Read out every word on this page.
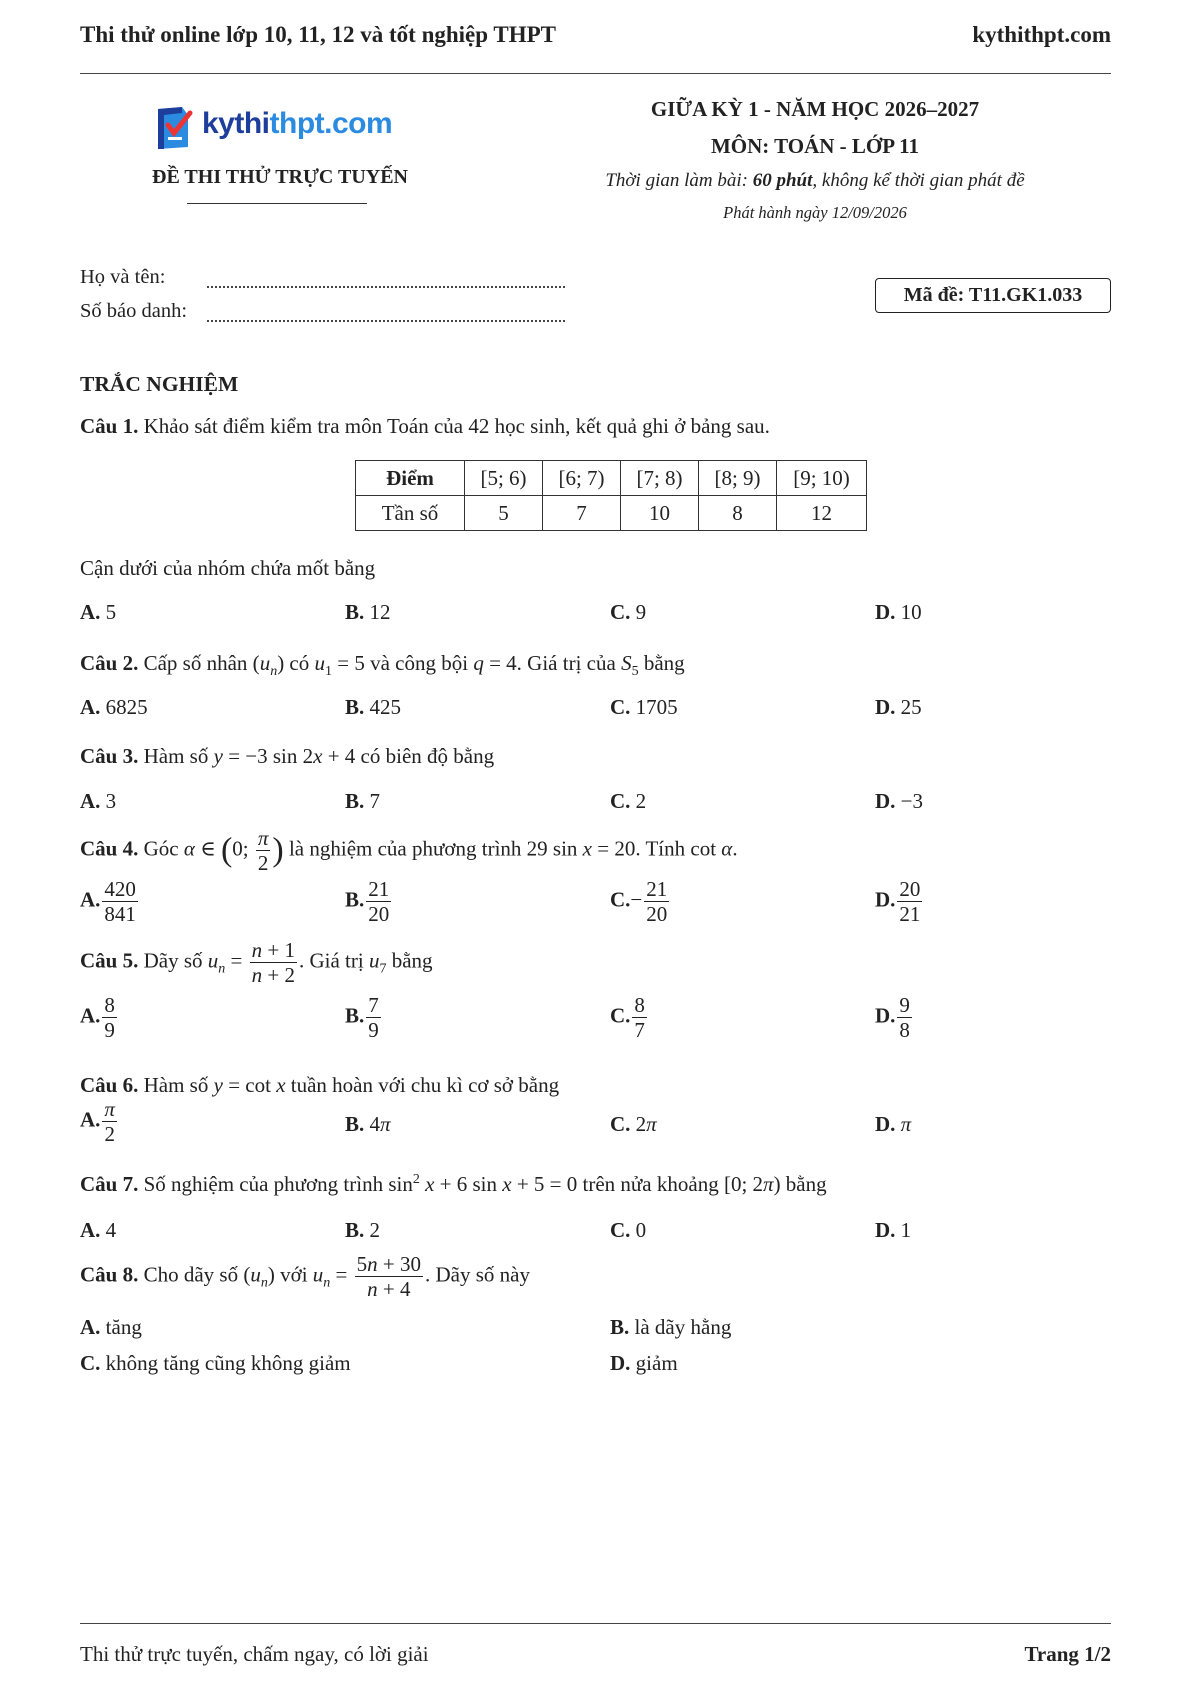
Thi thử online lớp 10, 11, 12 và tốt nghiệp THPT	kythithpt.com
kythithpt.com
ĐỀ THI THỬ TRỰC TUYẾN
GIỮA KỲ 1 - NĂM HỌC 2026–2027
MÔN: TOÁN - LỚP 11
Thời gian làm bài: 60 phút, không kể thời gian phát đề
Phát hành ngày 12/09/2026
Họ và tên:
Số báo danh:
Mã đề: T11.GK1.033
TRẮC NGHIỆM
Câu 1. Khảo sát điểm kiểm tra môn Toán của 42 học sinh, kết quả ghi ở bảng sau.
Điểm	[5; 6)	[6; 7)	[7; 8)	[8; 9)	[9; 10)
Tần số	5	7	10	8	12
Cận dưới của nhóm chứa mốt bằng
A. 5	B. 12	C. 9	D. 10
Câu 2. Cấp số nhân $(u_n)$ có $u_1 = 5$ và công bội q = 4. Giá trị của $S_5$ bằng
A. 6825	B. 425	C. 1705	D. 25
Câu 3. Hàm số y = −3 sin 2x + 4 có biên độ bằng
A. 3	B. 7	C. 2	D. −3
Câu 4. Góc α ∈ (0; $\frac{\pi}{2}$ ) là nghiệm của phương trình 29 sin x = 20. Tính cot α.
A. $\frac{420}{841}$	B. $\frac{21}{20}$	$C.- \frac{21}{20}$	D. $\frac{20}{21}$
Câu 5. Dãy số $u_n = \frac{n + 1}{n + 2}$ . Giá trị $u_7$ bằng
A. $\frac{8}{9}$	B. $\frac{7}{9}$	C. $\frac{8}{7}$	D. $\frac{9}{8}$
Câu 6. Hàm số y = cot x tuần hoàn với chu kì cơ sở bằng
A. $\frac{\pi}{2}$	B. 4π	C. 2π	D. π
Câu 7. Số nghiệm của phương trình $\sin^2 x + 6$ sin x + 5 = 0 trên nửa khoảng [0; 2π) bằng
A. 4	B. 2	C. 0	D. 1
Câu 8. Cho dãy số $(u_n)$ với $u_n = \frac{5n + 30}{n + 4}$ . Dãy số này
A. tăng	B. là dãy hằng
C. không tăng cũng không giảm	D. giảm
Thi thử trực tuyến, chấm ngay, có lời giải	Trang 1/2
